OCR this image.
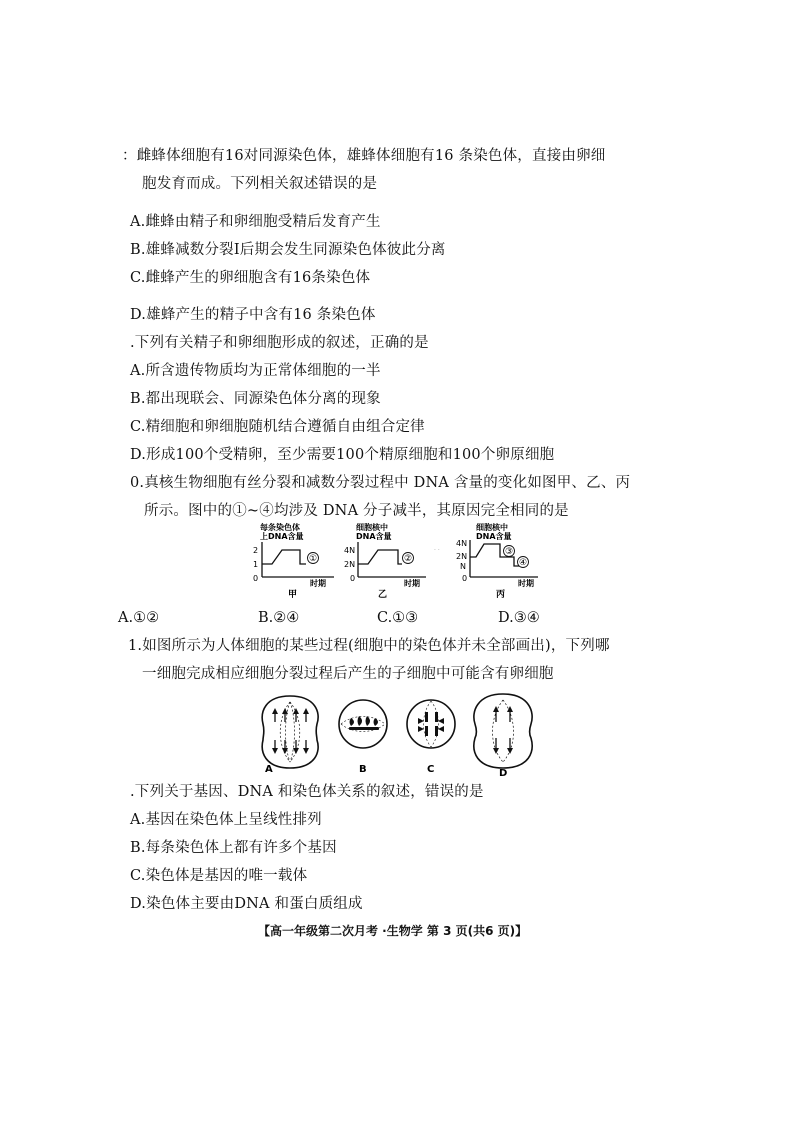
：雌蜂体细胞有16对同源染色体，雄蜂体细胞有16 条染色体，直接由卵细
胞发育而成。下列相关叙述错误的是
A.雌蜂由精子和卵细胞受精后发育产生
B.雄蜂减数分裂Ⅰ后期会发生同源染色体彼此分离
C.雌蜂产生的卵细胞含有16条染色体
D.雄蜂产生的精子中含有16 条染色体
.下列有关精子和卵细胞形成的叙述，正确的是
A.所含遗传物质均为正常体细胞的一半
B.都出现联会、同源染色体分离的现象
C.精细胞和卵细胞随机结合遵循自由组合定律
D.形成100个受精卵，至少需要100个精原细胞和100个卵原细胞
0.真核生物细胞有丝分裂和减数分裂过程中 DNA 含量的变化如图甲、乙、丙
所示。图中的①~④均涉及 DNA 分子减半，其原因完全相同的是
每条染色体
上DNA含量
2
1
0
①
时期
甲
细胞核中
DNA含量
4N
2N
0
②
时期
乙
细胞核中
DNA含量
· ·
4N
2N
N
0
③
④
时期
丙
A.①②	B.②④	C.①③	D.③④
1.如图所示为人体细胞的某些过程(细胞中的染色体并未全部画出)，下列哪
一细胞完成相应细胞分裂过程后产生的子细胞中可能含有卵细胞
A	B	C	D
.下列关于基因、DNA 和染色体关系的叙述，错误的是
A.基因在染色体上呈线性排列
B.每条染色体上都有许多个基因
C.染色体是基因的唯一载体
D.染色体主要由DNA 和蛋白质组成
【高一年级第二次月考 ·生物学 第 3 页(共6 页)】
